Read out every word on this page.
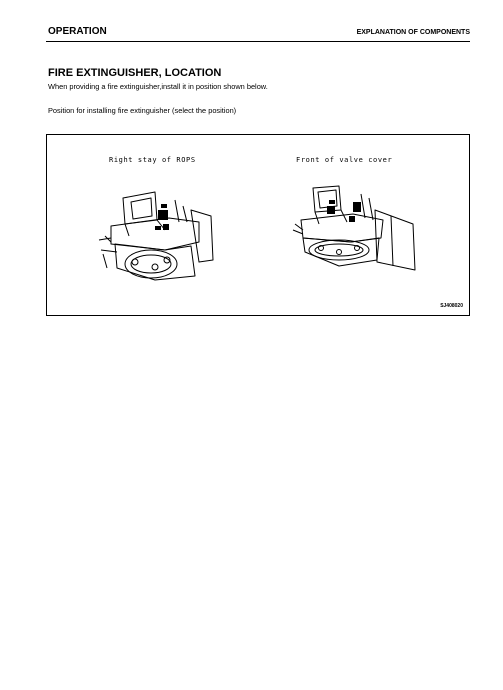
OPERATION	EXPLANATION OF COMPONENTS
FIRE EXTINGUISHER, LOCATION
When providing a fire extinguisher,install it in position shown below.
Position for installing fire extinguisher (select the position)
Right stay of ROPS	Front of valve cover
SJ408020
